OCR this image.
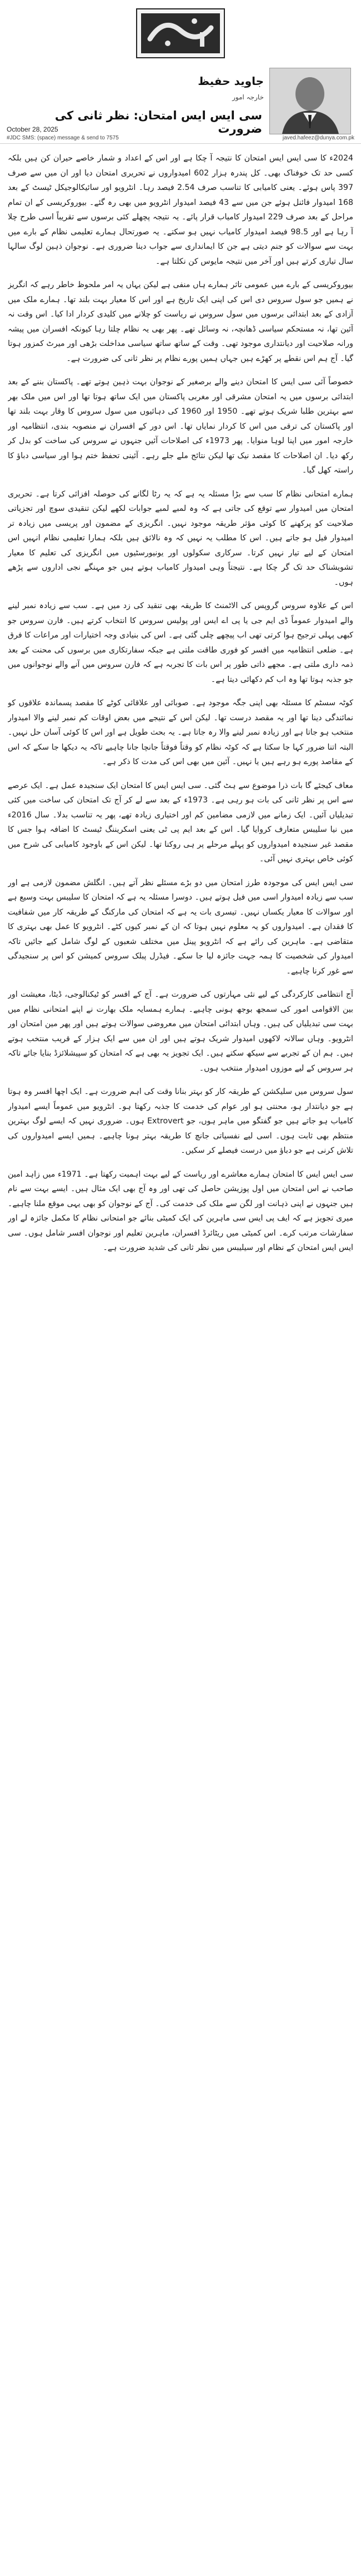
جاوید حفیظ
خارجہ امور
سی ایس ایس امتحان: نظر ثانی کی ضرورت
October 28, 2025
#JDC SMS: (space) message & send to 7575	javed.hafeez@dunya.com.pk

2024ء کا سی ایس ایس امتحان کا نتیجہ آ چکا ہے اور اس کے اعداد و شمار خاصے حیران کن ہیں بلکہ کسی حد تک خوفناک بھی۔ کل پندرہ ہزار 602 امیدواروں نے تحریری امتحان دیا اور ان میں سے صرف 397 پاس ہوئے۔ یعنی کامیابی کا تناسب صرف 2.54 فیصد رہا۔ انٹرویو اور سائیکالوجیکل ٹیسٹ کے بعد 168 امیدوار فائنل ہوئے جن میں سے 43 فیصد امیدوار انٹرویو میں بھی رہ گئے۔ بیوروکریسی کے ان تمام مراحل کے بعد صرف 229 امیدوار کامیاب قرار پائے۔ یہ نتیجہ پچھلے کئی برسوں سے تقریباً اسی طرح چلا آ رہا ہے اور 98.5 فیصد امیدوار کامیاب نہیں ہو سکتے۔ یہ صورتحال ہمارے تعلیمی نظام کے بارے میں بہت سے سوالات کو جنم دیتی ہے جن کا ایمانداری سے جواب دینا ضروری ہے۔ نوجوان ذہین لوگ سالہا سال تیاری کرتے ہیں اور آخر میں نتیجہ مایوس کن نکلتا ہے۔

بیوروکریسی کے بارے میں عمومی تاثر ہمارے ہاں منفی ہے لیکن یہاں یہ امر ملحوظ خاطر رہے کہ انگریز نے ہمیں جو سول سروس دی اس کی اپنی ایک تاریخ ہے اور اس کا معیار بہت بلند تھا۔ ہمارے ملک میں آزادی کے بعد ابتدائی برسوں میں سول سروس نے ریاست کو چلانے میں کلیدی کردار ادا کیا۔ اس وقت نہ آئین تھا، نہ مستحکم سیاسی ڈھانچہ، نہ وسائل تھے۔ پھر بھی یہ نظام چلتا رہا کیونکہ افسران میں پیشہ ورانہ صلاحیت اور دیانتداری موجود تھی۔ وقت کے ساتھ ساتھ سیاسی مداخلت بڑھی اور میرٹ کمزور ہوتا گیا۔ آج ہم اس نقطے پر کھڑے ہیں جہاں ہمیں پورے نظام پر نظر ثانی کی ضرورت ہے۔

خصوصاً آئی سی ایس کا امتحان دینے والے برصغیر کے نوجوان بہت ذہین ہوتے تھے۔ پاکستان بننے کے بعد ابتدائی برسوں میں یہ امتحان مشرقی اور مغربی پاکستان میں ایک ساتھ ہوتا تھا اور اس میں ملک بھر سے بہترین طلبا شریک ہوتے تھے۔ 1950 اور 1960 کی دہائیوں میں سول سروس کا وقار بہت بلند تھا اور پاکستان کی ترقی میں اس کا کردار نمایاں تھا۔ اس دور کے افسران نے منصوبہ بندی، انتظامیہ اور خارجہ امور میں اپنا لوہا منوایا۔ پھر 1973ء کی اصلاحات آئیں جنہوں نے سروس کی ساخت کو بدل کر رکھ دیا۔ ان اصلاحات کا مقصد نیک تھا لیکن نتائج ملے جلے رہے۔ آئینی تحفظ ختم ہوا اور سیاسی دباؤ کا راستہ کھل گیا۔

ہمارے امتحانی نظام کا سب سے بڑا مسئلہ یہ ہے کہ یہ رٹا لگانے کی حوصلہ افزائی کرتا ہے۔ تحریری امتحان میں امیدوار سے توقع کی جاتی ہے کہ وہ لمبے لمبے جوابات لکھے لیکن تنقیدی سوچ اور تجزیاتی صلاحیت کو پرکھنے کا کوئی مؤثر طریقہ موجود نہیں۔ انگریزی کے مضمون اور پریسی میں زیادہ تر امیدوار فیل ہو جاتے ہیں۔ اس کا مطلب یہ نہیں کہ وہ نالائق ہیں بلکہ ہمارا تعلیمی نظام انہیں اس امتحان کے لیے تیار نہیں کرتا۔ سرکاری سکولوں اور یونیورسٹیوں میں انگریزی کی تعلیم کا معیار تشویشناک حد تک گر چکا ہے۔ نتیجتاً وہی امیدوار کامیاب ہوتے ہیں جو مہنگے نجی اداروں سے پڑھے ہوں۔

اس کے علاوہ سروس گروپس کی الاٹمنٹ کا طریقہ بھی تنقید کی زد میں ہے۔ سب سے زیادہ نمبر لینے والے امیدوار عموماً ڈی ایم جی یا پی اے ایس اور پولیس سروس کا انتخاب کرتے ہیں۔ فارن سروس جو کبھی پہلی ترجیح ہوا کرتی تھی اب پیچھے چلی گئی ہے۔ اس کی بنیادی وجہ اختیارات اور مراعات کا فرق ہے۔ ضلعی انتظامیہ میں افسر کو فوری طاقت ملتی ہے جبکہ سفارتکاری میں برسوں کی محنت کے بعد ذمہ داری ملتی ہے۔ مجھے ذاتی طور پر اس بات کا تجربہ ہے کہ فارن سروس میں آنے والے نوجوانوں میں جو جذبہ ہوتا تھا وہ اب کم دکھائی دیتا ہے۔

کوٹہ سسٹم کا مسئلہ بھی اپنی جگہ موجود ہے۔ صوبائی اور علاقائی کوٹے کا مقصد پسماندہ علاقوں کو نمائندگی دینا تھا اور یہ مقصد درست تھا۔ لیکن اس کے نتیجے میں بعض اوقات کم نمبر لینے والا امیدوار منتخب ہو جاتا ہے اور زیادہ نمبر لینے والا رہ جاتا ہے۔ یہ بحث طویل ہے اور اس کا کوئی آسان حل نہیں۔ البتہ اتنا ضرور کہا جا سکتا ہے کہ کوٹہ نظام کو وقتاً فوقتاً جانچا جانا چاہیے تاکہ یہ دیکھا جا سکے کہ اس کے مقاصد پورے ہو رہے ہیں یا نہیں۔ آئین میں بھی اس کی مدت کا ذکر ہے۔

معاف کیجئے گا بات ذرا موضوع سے ہٹ گئی۔ سی ایس ایس کا امتحان ایک سنجیدہ عمل ہے۔ ایک عرصے سے اس پر نظر ثانی کی بات ہو رہی ہے۔ 1973ء کے بعد سے لے کر آج تک امتحان کی ساخت میں کئی تبدیلیاں آئیں۔ ایک زمانے میں لازمی مضامین کم اور اختیاری زیادہ تھے، پھر یہ تناسب بدلا۔ سال 2016ء میں نیا سلیبس متعارف کروایا گیا۔ اس کے بعد ایم پی ٹی یعنی اسکریننگ ٹیسٹ کا اضافہ ہوا جس کا مقصد غیر سنجیدہ امیدواروں کو پہلے مرحلے پر ہی روکنا تھا۔ لیکن اس کے باوجود کامیابی کی شرح میں کوئی خاص بہتری نہیں آئی۔

سی ایس ایس کی موجودہ طرز امتحان میں دو بڑے مسئلے نظر آتے ہیں۔ انگلش مضمون لازمی ہے اور سب سے زیادہ امیدوار اسی میں فیل ہوتے ہیں۔ دوسرا مسئلہ یہ ہے کہ امتحان کا سلیبس بہت وسیع ہے اور سوالات کا معیار یکساں نہیں۔ تیسری بات یہ ہے کہ امتحان کی مارکنگ کے طریقہ کار میں شفافیت کا فقدان ہے۔ امیدواروں کو یہ معلوم نہیں ہوتا کہ ان کے نمبر کیوں کٹے۔ انٹرویو کا عمل بھی بہتری کا متقاضی ہے۔ ماہرین کی رائے ہے کہ انٹرویو پینل میں مختلف شعبوں کے لوگ شامل کیے جائیں تاکہ امیدوار کی شخصیت کا ہمہ جہت جائزہ لیا جا سکے۔ فیڈرل پبلک سروس کمیشن کو اس پر سنجیدگی سے غور کرنا چاہیے۔

آج انتظامی کارکردگی کے لیے نئی مہارتوں کی ضرورت ہے۔ آج کے افسر کو ٹیکنالوجی، ڈیٹا، معیشت اور بین الاقوامی امور کی سمجھ بوجھ ہونی چاہیے۔ ہمارے ہمسایہ ملک بھارت نے اپنے امتحانی نظام میں بہت سی تبدیلیاں کی ہیں۔ وہاں ابتدائی امتحان میں معروضی سوالات ہوتے ہیں اور پھر مین امتحان اور انٹرویو۔ وہاں سالانہ لاکھوں امیدوار شریک ہوتے ہیں اور ان میں سے ایک ہزار کے قریب منتخب ہوتے ہیں۔ ہم ان کے تجربے سے سیکھ سکتے ہیں۔ ایک تجویز یہ بھی ہے کہ امتحان کو سپیشلائزڈ بنایا جائے تاکہ ہر سروس کے لیے موزوں امیدوار منتخب ہوں۔

سول سروس میں سلیکشن کے طریقہ کار کو بہتر بنانا وقت کی اہم ضرورت ہے۔ ایک اچھا افسر وہ ہوتا ہے جو دیانتدار ہو، محنتی ہو اور عوام کی خدمت کا جذبہ رکھتا ہو۔ انٹرویو میں عموماً ایسے امیدوار کامیاب ہو جاتے ہیں جو گفتگو میں ماہر ہوں، جو Extrovert ہوں۔ ضروری نہیں کہ ایسے لوگ بہترین منتظم بھی ثابت ہوں۔ اسی لیے نفسیاتی جانچ کا طریقہ بہتر ہونا چاہیے۔ ہمیں ایسے امیدواروں کی تلاش کرنی ہے جو دباؤ میں درست فیصلے کر سکیں۔

سی ایس ایس کا امتحان ہمارے معاشرے اور ریاست کے لیے بہت اہمیت رکھتا ہے۔ 1971ء میں زاہد امین صاحب نے اس امتحان میں اول پوزیشن حاصل کی تھی اور وہ آج بھی ایک مثال ہیں۔ ایسے بہت سے نام ہیں جنہوں نے اپنی ذہانت اور لگن سے ملک کی خدمت کی۔ آج کے نوجوان کو بھی یہی موقع ملنا چاہیے۔ میری تجویز ہے کہ ایف پی ایس سی ماہرین کی ایک کمیٹی بنائے جو امتحانی نظام کا مکمل جائزہ لے اور سفارشات مرتب کرے۔ اس کمیٹی میں ریٹائرڈ افسران، ماہرین تعلیم اور نوجوان افسر شامل ہوں۔ سی ایس ایس امتحان کے نظام اور سیلیبس میں نظر ثانی کی شدید ضرورت ہے۔
